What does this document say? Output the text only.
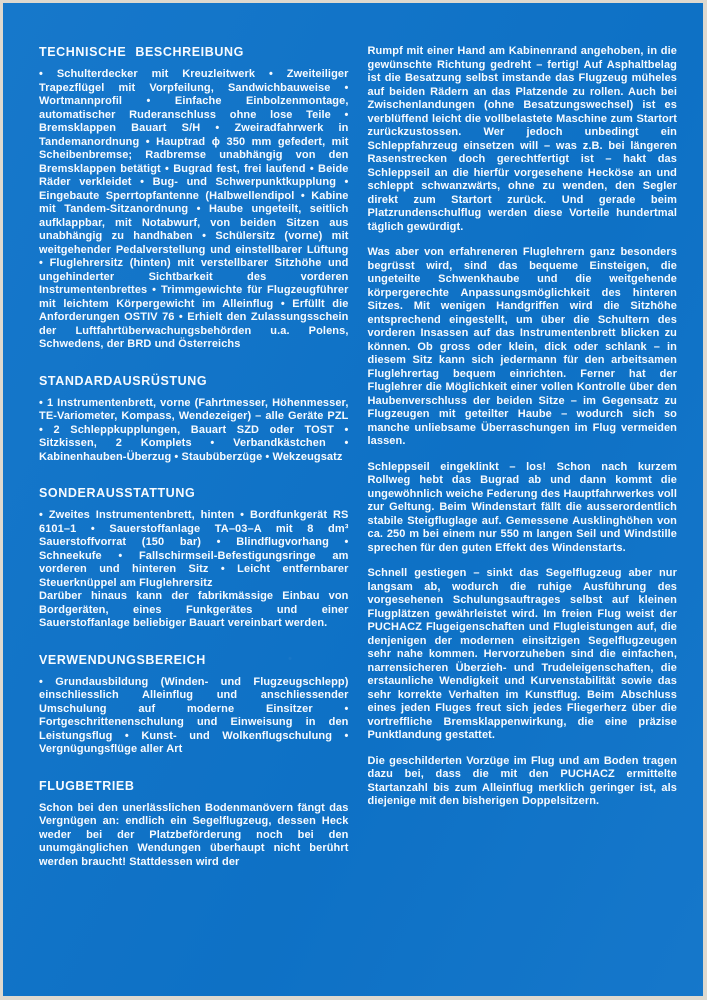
TECHNISCHE BESCHREIBUNG

• Schulterdecker mit Kreuzleitwerk • Zweiteiliger Trapezflügel mit Vorpfeilung, Sandwichbauweise • Wortmannprofil • Einfache Einbolzenmontage, automatischer Ruderanschluss ohne lose Teile • Bremsklappen Bauart S/H • Zweiradfahrwerk in Tandemanordnung • Hauptrad ϕ 350 mm gefedert, mit Scheibenbremse; Radbremse unabhängig von den Bremsklappen betätigt • Bugrad fest, frei laufend • Beide Räder verkleidet • Bug- und Schwerpunktkupplung • Eingebaute Sperrtopfantenne (Halbwellendipol • Kabine mit Tandem-Sitzanordnung • Haube ungeteilt, seitlich aufklappbar, mit Notabwurf, von beiden Sitzen aus unabhängig zu handhaben • Schülersitz (vorne) mit weitgehender Pedalverstellung und einstellbarer Lüftung • Fluglehrersitz (hinten) mit verstellbarer Sitzhöhe und ungehinderter Sichtbarkeit des vorderen Instrumentenbrettes • Trimmgewichte für Flugzeugführer mit leichtem Körpergewicht im Alleinflug • Erfüllt die Anforderungen OSTIV 76 • Erhielt den Zulassungsschein der Luftfahrtüberwachungsbehörden u.a. Polens, Schwedens, der BRD und Österreichs

STANDARDAUSRÜSTUNG

• 1 Instrumentenbrett, vorne (Fahrtmesser, Höhenmesser, TE-Variometer, Kompass, Wendezeiger) – alle Geräte PZL • 2 Schleppkupplungen, Bauart SZD oder TOST • Sitzkissen, 2 Komplets • Verbandkästchen • Kabinenhauben-Überzug • Staubüberzüge • Wekzeugsatz

SONDERAUSSTATTUNG

• Zweites Instrumentenbrett, hinten • Bordfunkgerät RS 6101–1 • Sauerstoffanlage TA–03–A mit 8 dm³ Sauerstoffvorrat (150 bar) • Blindflugvorhang • Schneekufe • Fallschirmseil-Befestigungsringe am vorderen und hinteren Sitz • Leicht entfernbarer Steuerknüppel am Fluglehrersitz

Darüber hinaus kann der fabrikmässige Einbau von Bordgeräten, eines Funkgerätes und einer Sauerstoffanlage beliebiger Bauart vereinbart werden.

VERWENDUNGSBEREICH

• Grundausbildung (Winden- und Flugzeugschlepp) einschliesslich Alleinflug und anschliessender Umschulung auf moderne Einsitzer • Fortgeschrittenenschulung und Einweisung in den Leistungsflug • Kunst- und Wolkenflugschulung • Vergnügungsflüge aller Art

FLUGBETRIEB

Schon bei den unerlässlichen Bodenmanövern fängt das Vergnügen an: endlich ein Segelflugzeug, dessen Heck weder bei der Platzbeförderung noch bei den unumgänglichen Wendungen überhaupt nicht berührt werden braucht! Stattdessen wird der

Rumpf mit einer Hand am Kabinenrand angehoben, in die gewünschte Richtung gedreht – fertig! Auf Asphaltbelag ist die Besatzung selbst imstande das Flugzeug müheles auf beiden Rädern an das Platzende zu rollen. Auch bei Zwischenlandungen (ohne Besatzungswechsel) ist es verblüffend leicht die vollbelastete Maschine zum Startort zurückzustossen. Wer jedoch unbedingt ein Schleppfahrzeug einsetzen will – was z.B. bei längeren Rasenstrecken doch gerechtfertigt ist – hakt das Schleppseil an die hierfür vorgesehene Hecköse an und schleppt schwanzwärts, ohne zu wenden, den Segler direkt zum Startort zurück. Und gerade beim Platzrundenschulflug werden diese Vorteile hundertmal täglich gewürdigt.

Was aber von erfahreneren Fluglehrern ganz besonders begrüsst wird, sind das bequeme Einsteigen, die ungeteilte Schwenkhaube und die weitgehende körpergerechte Anpassungsmöglichkeit des hinteren Sitzes. Mit wenigen Handgriffen wird die Sitzhöhe entsprechend eingestellt, um über die Schultern des vorderen Insassen auf das Instrumentenbrett blicken zu können. Ob gross oder klein, dick oder schlank – in diesem Sitz kann sich jedermann für den arbeitsamen Fluglehrertag bequem einrichten. Ferner hat der Fluglehrer die Möglichkeit einer vollen Kontrolle über den Haubenverschluss der beiden Sitze – im Gegensatz zu Flugzeugen mit geteilter Haube – wodurch sich so manche unliebsame Überraschungen im Flug vermeiden lassen.

Schleppseil eingeklinkt – los! Schon nach kurzem Rollweg hebt das Bugrad ab und dann kommt die ungewöhnlich weiche Federung des Hauptfahrwerkes voll zur Geltung. Beim Windenstart fällt die ausserordentlich stabile Steigfluglage auf. Gemessene Ausklinghöhen von ca. 250 m bei einem nur 550 m langen Seil und Windstille sprechen für den guten Effekt des Windenstarts.

Schnell gestiegen – sinkt das Segelflugzeug aber nur langsam ab, wodurch die ruhige Ausführung des vorgesehenen Schulungsauftrages selbst auf kleinen Flugplätzen gewährleistet wird. Im freien Flug weist der PUCHACZ Flugeigenschaften und Flugleistungen auf, die denjenigen der modernen einsitzigen Segelflugzeugen sehr nahe kommen. Hervorzuheben sind die einfachen, narrensicheren Überzieh- und Trudeleigenschaften, die erstaunliche Wendigkeit und Kurvenstabilität sowie das sehr korrekte Verhalten im Kunstflug. Beim Abschluss eines jeden Fluges freut sich jedes Fliegerherz über die vortreffliche Bremsklappenwirkung, die eine präzise Punktlandung gestattet.

Die geschilderten Vorzüge im Flug und am Boden tragen dazu bei, dass die mit den PUCHACZ ermittelte Startanzahl bis zum Alleinflug merklich geringer ist, als diejenige mit den bisherigen Doppelsitzern.
